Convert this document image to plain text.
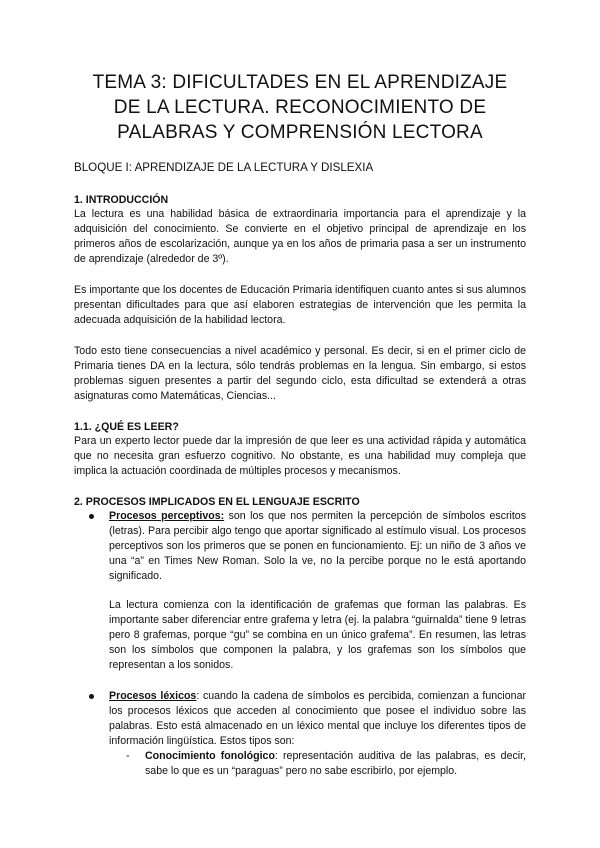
TEMA 3: DIFICULTADES EN EL APRENDIZAJE
DE LA LECTURA. RECONOCIMIENTO DE
PALABRAS Y COMPRENSIÓN LECTORA
BLOQUE I: APRENDIZAJE DE LA LECTURA Y DISLEXIA
1. INTRODUCCIÓN

La lectura es una habilidad básica de extraordinaria importancia para el aprendizaje y la adquisición del conocimiento. Se convierte en el objetivo principal de aprendizaje en los primeros años de escolarización, aunque ya en los años de primaria pasa a ser un instrumento de aprendizaje (alrededor de 3º).

Es importante que los docentes de Educación Primaria identifiquen cuanto antes si sus alumnos presentan dificultades para que así elaboren estrategias de intervención que les permita la adecuada adquisición de la habilidad lectora.

Todo esto tiene consecuencias a nivel académico y personal. Es decir, si en el primer ciclo de Primaria tienes DA en la lectura, sólo tendrás problemas en la lengua. Sin embargo, si estos problemas siguen presentes a partir del segundo ciclo, esta dificultad se extenderá a otras asignaturas como Matemáticas, Ciencias...

1.1. ¿QUÉ ES LEER?

Para un experto lector puede dar la impresión de que leer es una actividad rápida y automática que no necesita gran esfuerzo cognitivo. No obstante, es una habilidad muy compleja que implica la actuación coordinada de múltiples procesos y mecanismos.

2. PROCESOS IMPLICADOS EN EL LENGUAJE ESCRITO

Procesos perceptivos: son los que nos permiten la percepción de símbolos escritos (letras). Para percibir algo tengo que aportar significado al estímulo visual. Los procesos perceptivos son los primeros que se ponen en funcionamiento. Ej: un niño de 3 años ve una “a” en Times New Roman. Solo la ve, no la percibe porque no le está aportando significado.

La lectura comienza con la identificación de grafemas que forman las palabras. Es importante saber diferenciar entre grafema y letra (ej. la palabra “guirnalda” tiene 9 letras pero 8 grafemas, porque “gu” se combina en un único grafema”. En resumen, las letras son los símbolos que componen la palabra, y los grafemas son los símbolos que representan a los sonidos.

Procesos léxicos: cuando la cadena de símbolos es percibida, comienzan a funcionar los procesos léxicos que acceden al conocimiento que posee el individuo sobre las palabras. Esto está almacenado en un léxico mental que incluye los diferentes tipos de información lingüística. Estos tipos son:

- Conocimiento fonológico: representación auditiva de las palabras, es decir, sabe lo que es un “paraguas” pero no sabe escribirlo, por ejemplo.
